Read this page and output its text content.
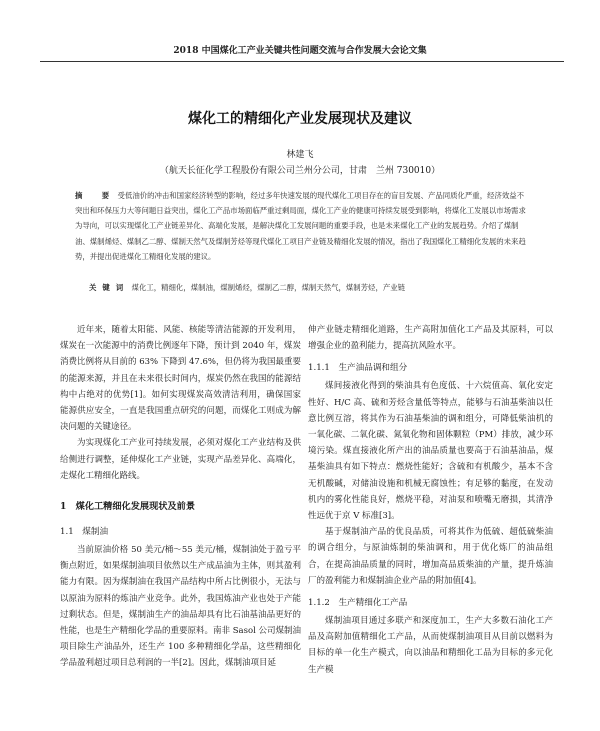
2018 中国煤化工产业关键共性问题交流与合作发展大会论文集
煤化工的精细化产业发展现状及建议
林建飞
（航天长征化学工程股份有限公司兰州分公司，甘肃　兰州 730010）
摘　要 受低油价的冲击和国家经济转型的影响，经过多年快速发展的现代煤化工项目存在的盲目发展、产品同质化严重，经济效益不突出和环保压力大等问题日益突出，煤化工产品市场面临严重过剩局面，煤化工产业的健康可持续发展受到影响，将煤化工发展以市场需求为导向，可以实现煤化工产业链差异化、高端化发展，是解决煤化工发展问题的重要手段，也是未来煤化工产业的发展趋势。介绍了煤制油、煤制烯烃、煤制乙二醇、煤制天然气及煤制芳烃等现代煤化工项目产业链及精细化发展的情况，指出了我国煤化工精细化发展的未来趋势，并提出促进煤化工精细化发展的建议。
关键词 煤化工，精细化，煤制油，煤制烯烃，煤制乙二醇，煤制天然气，煤制芳烃，产业链

近年来，随着太阳能、风能、核能等清洁能源的开发利用，煤炭在一次能源中的消费比例逐年下降，预计到 2040 年，煤炭消费比例将从目前的 63% 下降到 47.6%，但仍将为我国最重要的能源来源，并且在未来很长时间内，煤炭仍然在我国的能源结构中占绝对的优势[1]。如何实现煤炭高效清洁利用，确保国家能源供应安全，一直是我国重点研究的问题，而煤化工则成为解决问题的关键途径。

为实现煤化工产业可持续发展，必须对煤化工产业结构及供给侧进行调整，延伸煤化工产业链，实现产品差异化、高端化，走煤化工精细化路线。

1　煤化工精细化发展现状及前景
1.1　煤制油

当前原油价格 50 美元/桶～55 美元/桶，煤制油处于盈亏平衡点附近，如果煤制油项目依然以生产成品油为主体，则其盈利能力有限。因为煤制油在我国产品结构中所占比例很小，无法与以原油为原料的炼油产业竞争。此外，我国炼油产业也处于产能过剩状态。但是，煤制油生产的油品却具有比石油基油品更好的性能，也是生产精细化学品的重要原料。南非 Sasol 公司煤制油项目除生产油品外，还生产 100 多种精细化学品，这些精细化学品盈利超过项目总利润的一半[2]。因此，煤制油项目延

伸产业链走精细化道路，生产高附加值化工产品及其原料，可以增强企业的盈利能力，提高抗风险水平。

1.1.1　生产油品调和组分

煤间接液化得到的柴油具有色度低、十六烷值高、氧化安定性好、H/C 高、硫和芳烃含量低等特点，能够与石油基柴油以任意比例互溶，将其作为石油基柴油的调和组分，可降低柴油机的一氧化碳、二氧化碳、氮氧化物和固体颗粒（PM）排放，减少环境污染。煤直接液化所产出的油品质量也要高于石油基油品，煤基柴油具有如下特点：燃烧性能好；含硫和有机酸少，基本不含无机酸碱，对储油设施和机械无腐蚀性；有足够的黏度，在发动机内的雾化性能良好，燃烧平稳，对油泵和喷嘴无磨损，其清净性远优于京 V 标准[3]。

基于煤制油产品的优良品质，可将其作为低硫、超低硫柴油的调合组分，与原油炼制的柴油调和，用于优化炼厂的油品组合，在提高油品质量的同时，增加高品质柴油的产量，提升炼油厂的盈利能力和煤制油企业产品的附加值[4]。

1.1.2　生产精细化工产品

煤制油项目通过多联产和深度加工，生产大多数石油化工产品及高附加值精细化工产品，从而使煤制油项目从目前以燃料为目标的单一化生产模式，向以油品和精细化工品为目标的多元化生产模
